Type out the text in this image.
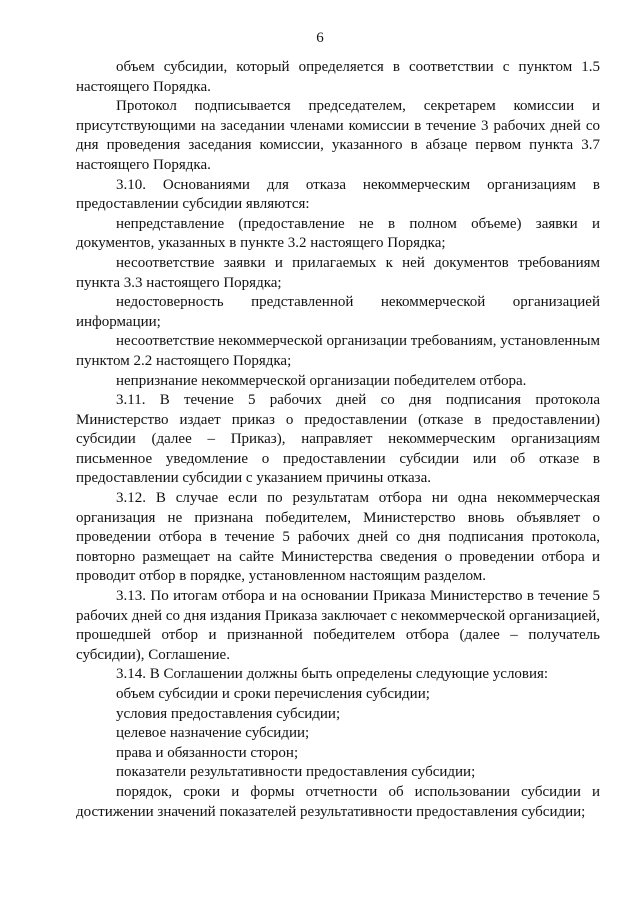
6

объем субсидии, который определяется в соответствии с пунктом 1.5 настоящего Порядка.

Протокол подписывается председателем, секретарем комиссии и присутствующими на заседании членами комиссии в течение 3 рабочих дней со дня проведения заседания комиссии, указанного в абзаце первом пункта 3.7 настоящего Порядка.

3.10. Основаниями для отказа некоммерческим организациям в предоставлении субсидии являются:

непредставление (предоставление не в полном объеме) заявки и документов, указанных в пункте 3.2 настоящего Порядка;

несоответствие заявки и прилагаемых к ней документов требованиям пункта 3.3 настоящего Порядка;

недостоверность представленной некоммерческой организацией информации;

несоответствие некоммерческой организации требованиям, установленным пунктом 2.2 настоящего Порядка;

непризнание некоммерческой организации победителем отбора.

3.11. В течение 5 рабочих дней со дня подписания протокола Министерство издает приказ о предоставлении (отказе в предоставлении) субсидии (далее – Приказ), направляет некоммерческим организациям письменное уведомление о предоставлении субсидии или об отказе в предоставлении субсидии с указанием причины отказа.

3.12. В случае если по результатам отбора ни одна некоммерческая организация не признана победителем, Министерство вновь объявляет о проведении отбора в течение 5 рабочих дней со дня подписания протокола, повторно размещает на сайте Министерства сведения о проведении отбора и проводит отбор в порядке, установленном настоящим разделом.

3.13. По итогам отбора и на основании Приказа Министерство в течение 5 рабочих дней со дня издания Приказа заключает с некоммерческой организацией, прошедшей отбор и признанной победителем отбора (далее – получатель субсидии), Соглашение.

3.14. В Соглашении должны быть определены следующие условия:

объем субсидии и сроки перечисления субсидии;

условия предоставления субсидии;

целевое назначение субсидии;

права и обязанности сторон;

показатели результативности предоставления субсидии;

порядок, сроки и формы отчетности об использовании субсидии и достижении значений показателей результативности предоставления субсидии;
